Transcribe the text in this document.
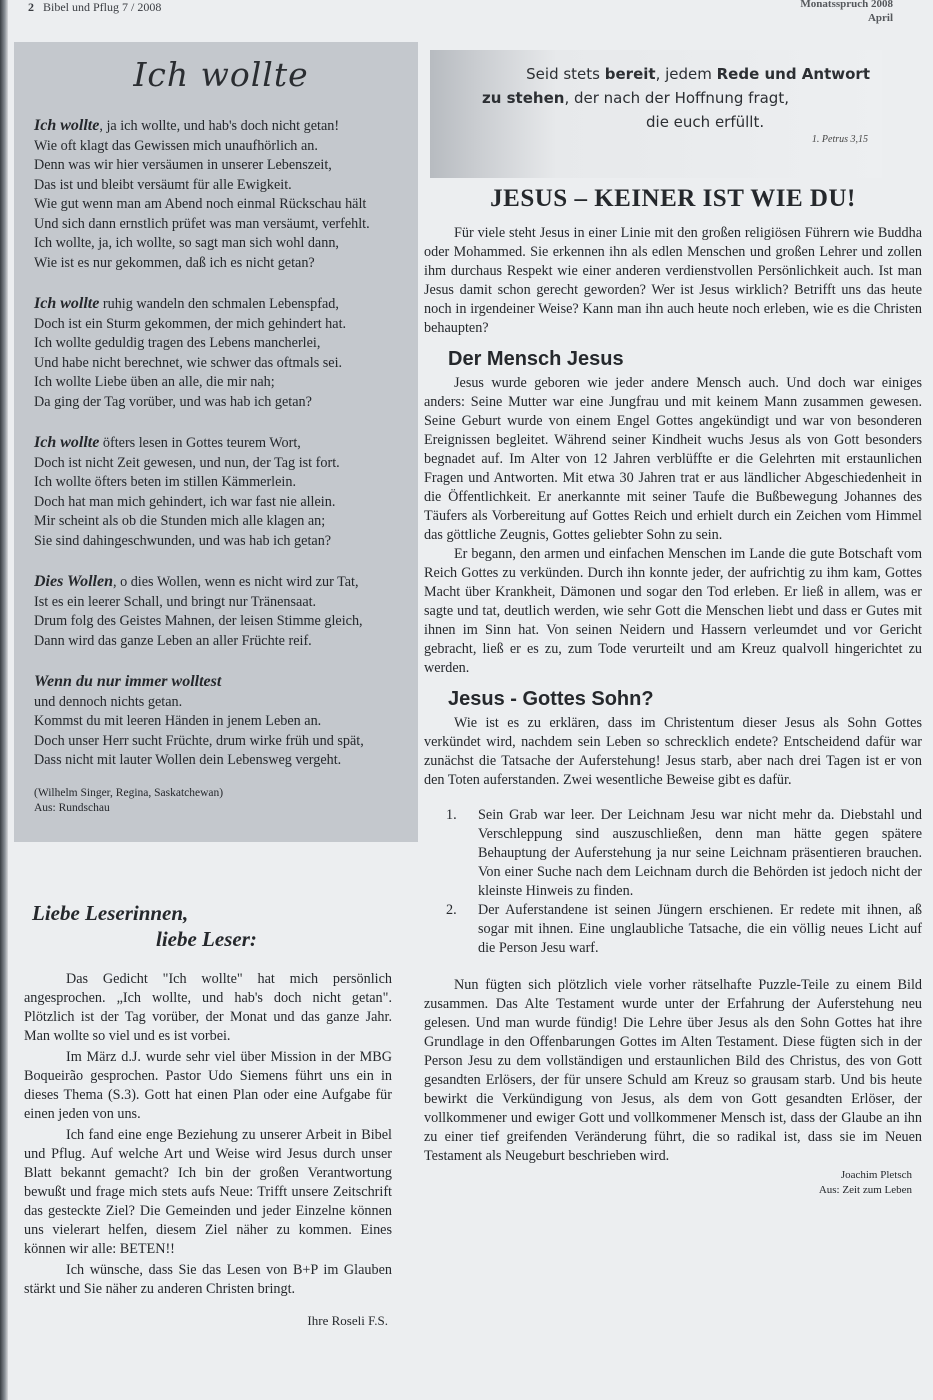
2 Bibel und Pflug 7 / 2008	Monatsspruch 2008
April
Ich wollte
Ich wollte, ja ich wollte, und hab's doch nicht getan!
Wie oft klagt das Gewissen mich unaufhörlich an.
Denn was wir hier versäumen in unserer Lebenszeit,
Das ist und bleibt versäumt für alle Ewigkeit.
Wie gut wenn man am Abend noch einmal Rückschau hält
Und sich dann ernstlich prüfet was man versäumt, verfehlt.
Ich wollte, ja, ich wollte, so sagt man sich wohl dann,
Wie ist es nur gekommen, daß ich es nicht getan?
Ich wollte ruhig wandeln den schmalen Lebenspfad,
Doch ist ein Sturm gekommen, der mich gehindert hat.
Ich wollte geduldig tragen des Lebens mancherlei,
Und habe nicht berechnet, wie schwer das oftmals sei.
Ich wollte Liebe üben an alle, die mir nah;
Da ging der Tag vorüber, und was hab ich getan?
Ich wollte öfters lesen in Gottes teurem Wort,
Doch ist nicht Zeit gewesen, und nun, der Tag ist fort.
Ich wollte öfters beten im stillen Kämmerlein.
Doch hat man mich gehindert, ich war fast nie allein.
Mir scheint als ob die Stunden mich alle klagen an;
Sie sind dahingeschwunden, und was hab ich getan?
Dies Wollen, o dies Wollen, wenn es nicht wird zur Tat,
Ist es ein leerer Schall, und bringt nur Tränensaat.
Drum folg des Geistes Mahnen, der leisen Stimme gleich,
Dann wird das ganze Leben an aller Früchte reif.
Wenn du nur immer wolltest
und dennoch nichts getan.
Kommst du mit leeren Händen in jenem Leben an.
Doch unser Herr sucht Früchte, drum wirke früh und spät,
Dass nicht mit lauter Wollen dein Lebensweg vergeht.
(Wilhelm Singer, Regina, Saskatchewan)
Aus: Rundschau
Liebe Leserinnen,
liebe Leser:

Das Gedicht "Ich wollte" hat mich persönlich angesprochen. „Ich wollte, und hab's doch nicht getan". Plötzlich ist der Tag vorüber, der Monat und das ganze Jahr. Man wollte so viel und es ist vorbei.

Im März d.J. wurde sehr viel über Mission in der MBG Boqueirão gesprochen. Pastor Udo Siemens führt uns ein in dieses Thema (S.3). Gott hat einen Plan oder eine Aufgabe für einen jeden von uns.

Ich fand eine enge Beziehung zu unserer Arbeit in Bibel und Pflug. Auf welche Art und Weise wird Jesus durch unser Blatt bekannt gemacht? Ich bin der großen Verantwortung bewußt und frage mich stets aufs Neue: Trifft unsere Zeitschrift das gesteckte Ziel? Die Gemeinden und jeder Einzelne können uns vielerart helfen, diesem Ziel näher zu kommen. Eines können wir alle: BETEN!!

Ich wünsche, dass Sie das Lesen von B+P im Glauben stärkt und Sie näher zu anderen Christen bringt.

Ihre Roseli F.S.
Seid stets bereit, jedem Rede und Antwort
zu stehen, der nach der Hoffnung fragt,
die euch erfüllt.
1. Petrus 3,15
JESUS – KEINER IST WIE DU!

Für viele steht Jesus in einer Linie mit den großen religiösen Führern wie Buddha oder Mohammed. Sie erkennen ihn als edlen Menschen und großen Lehrer und zollen ihm durchaus Respekt wie einer anderen verdienstvollen Persönlichkeit auch. Ist man Jesus damit schon gerecht geworden? Wer ist Jesus wirklich? Betrifft uns das heute noch in irgendeiner Weise? Kann man ihn auch heute noch erleben, wie es die Christen behaupten?

Der Mensch Jesus

Jesus wurde geboren wie jeder andere Mensch auch. Und doch war einiges anders: Seine Mutter war eine Jungfrau und mit keinem Mann zusammen gewesen. Seine Geburt wurde von einem Engel Gottes angekündigt und war von besonderen Ereignissen begleitet. Während seiner Kindheit wuchs Jesus als von Gott besonders begnadet auf. Im Alter von 12 Jahren verblüffte er die Gelehrten mit erstaunlichen Fragen und Antworten. Mit etwa 30 Jahren trat er aus ländlicher Abgeschiedenheit in die Öffentlichkeit. Er anerkannte mit seiner Taufe die Bußbewegung Johannes des Täufers als Vorbereitung auf Gottes Reich und erhielt durch ein Zeichen vom Himmel das göttliche Zeugnis, Gottes geliebter Sohn zu sein.

Er begann, den armen und einfachen Menschen im Lande die gute Botschaft vom Reich Gottes zu verkünden. Durch ihn konnte jeder, der aufrichtig zu ihm kam, Gottes Macht über Krankheit, Dämonen und sogar den Tod erleben. Er ließ in allem, was er sagte und tat, deutlich werden, wie sehr Gott die Menschen liebt und dass er Gutes mit ihnen im Sinn hat. Von seinen Neidern und Hassern verleumdet und vor Gericht gebracht, ließ er es zu, zum Tode verurteilt und am Kreuz qualvoll hingerichtet zu werden.

Jesus - Gottes Sohn?

Wie ist es zu erklären, dass im Christentum dieser Jesus als Sohn Gottes verkündet wird, nachdem sein Leben so schrecklich endete? Entscheidend dafür war zunächst die Tatsache der Auferstehung! Jesus starb, aber nach drei Tagen ist er von den Toten auferstanden. Zwei wesentliche Beweise gibt es dafür.

1.	Sein Grab war leer. Der Leichnam Jesu war nicht mehr da. Diebstahl und Verschleppung sind auszuschließen, denn man hätte gegen spätere Behauptung der Auferstehung ja nur seine Leichnam präsentieren brauchen. Von einer Suche nach dem Leichnam durch die Behörden ist jedoch nicht der kleinste Hinweis zu finden.
2.	Der Auferstandene ist seinen Jüngern erschienen. Er redete mit ihnen, aß sogar mit ihnen. Eine unglaubliche Tatsache, die ein völlig neues Licht auf die Person Jesu warf.

Nun fügten sich plötzlich viele vorher rätselhafte Puzzle-Teile zu einem Bild zusammen. Das Alte Testament wurde unter der Erfahrung der Auferstehung neu gelesen. Und man wurde fündig! Die Lehre über Jesus als den Sohn Gottes hat ihre Grundlage in den Offenbarungen Gottes im Alten Testament. Diese fügten sich in der Person Jesu zu dem vollständigen und erstaunlichen Bild des Christus, des von Gott gesandten Erlösers, der für unsere Schuld am Kreuz so grausam starb. Und bis heute bewirkt die Verkündigung von Jesus, als dem von Gott gesandten Erlöser, der vollkommener und ewiger Gott und vollkommener Mensch ist, dass der Glaube an ihn zu einer tief greifenden Veränderung führt, die so radikal ist, dass sie im Neuen Testament als Neugeburt beschrieben wird.

Joachim Pletsch
Aus: Zeit zum Leben
